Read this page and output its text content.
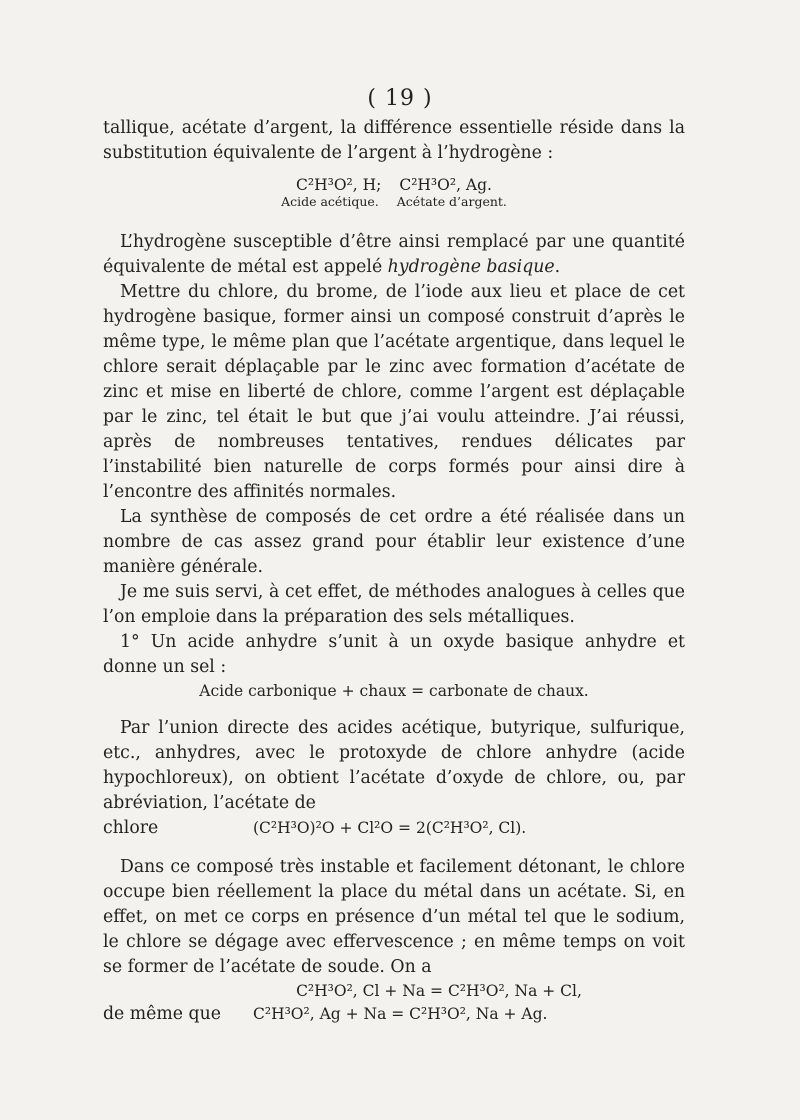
( 19 )

tallique, acétate d’argent, la différence essentielle réside dans la substitution équivalente de l’argent à l’hydrogène :

C²H³O², H; C²H³O², Ag.
Acide acétique. Acétate d’argent.

L’hydrogène susceptible d’être ainsi remplacé par une quantité équivalente de métal est appelé hydrogène basique.

Mettre du chlore, du brome, de l’iode aux lieu et place de cet hydrogène basique, former ainsi un composé construit d’après le même type, le même plan que l’acétate argentique, dans lequel le chlore serait déplaçable par le zinc avec formation d’acétate de zinc et mise en liberté de chlore, comme l’argent est déplaçable par le zinc, tel était le but que j’ai voulu atteindre. J’ai réussi, après de nombreuses tentatives, rendues délicates par l’instabilité bien naturelle de corps formés pour ainsi dire à l’encontre des affinités normales.

La synthèse de composés de cet ordre a été réalisée dans un nombre de cas assez grand pour établir leur existence d’une manière générale.

Je me suis servi, à cet effet, de méthodes analogues à celles que l’on emploie dans la préparation des sels métalliques.

1° Un acide anhydre s’unit à un oxyde basique anhydre et donne un sel :

Acide carbonique + chaux = carbonate de chaux.

Par l’union directe des acides acétique, butyrique, sulfurique, etc., anhydres, avec le protoxyde de chlore anhydre (acide hypochloreux), on obtient l’acétate d’oxyde de chlore, ou, par abréviation, l’acétate de

chlore	(C²H³O)²O + Cl²O = 2(C²H³O², Cl).

Dans ce composé très instable et facilement détonant, le chlore occupe bien réellement la place du métal dans un acétate. Si, en effet, on met ce corps en présence d’un métal tel que le sodium, le chlore se dégage avec effervescence ; en même temps on voit se former de l’acétate de soude. On a

C²H³O², Cl + Na = C²H³O², Na + Cl,
de même que	C²H³O², Ag + Na = C²H³O², Na + Ag.
